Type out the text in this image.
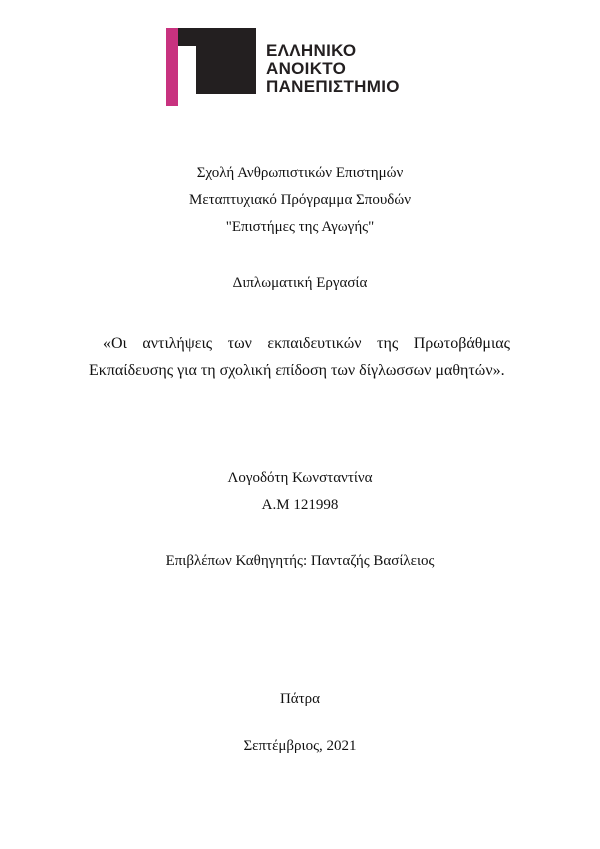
ΕΛΛΗΝΙΚΟ
ΑΝΟΙΚΤΟ
ΠΑΝΕΠΙΣΤΗΜΙΟ
Σχολή Ανθρωπιστικών Επιστημών
Μεταπτυχιακό Πρόγραμμα Σπουδών
"Επιστήμες της Αγωγής"
Διπλωματική Εργασία
«Οι αντιλήψεις των εκπαιδευτικών της Πρωτοβάθμιας Εκπαίδευσης για τη σχολική επίδοση των δίγλωσσων μαθητών».
Λογοδότη Κωνσταντίνα
Α.Μ 121998
Επιβλέπων Καθηγητής: Πανταζής Βασίλειος
Πάτρα
Σεπτέμβριος, 2021
